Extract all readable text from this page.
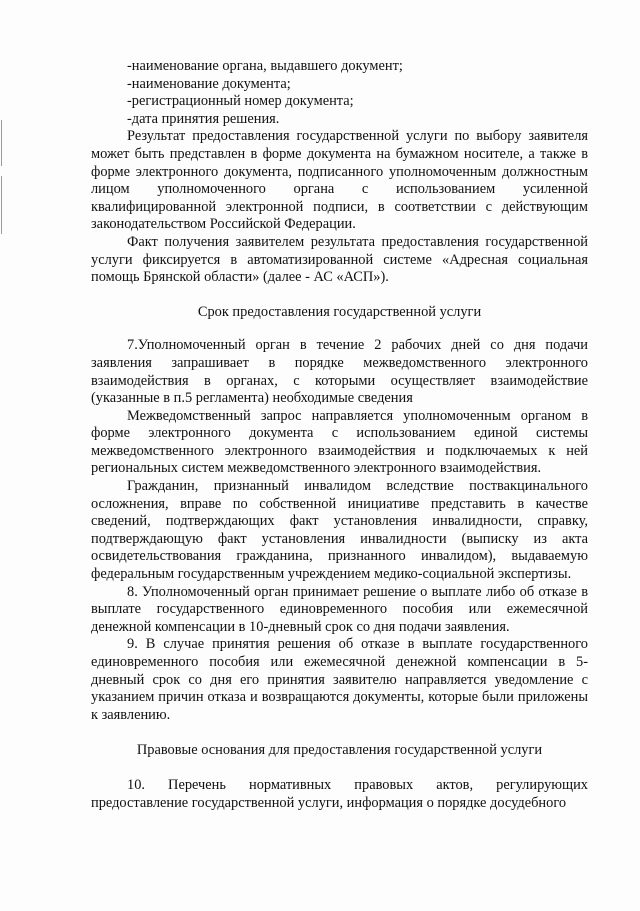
-наименование органа, выдавшего документ;
-наименование документа;
-регистрационный номер документа;
-дата принятия решения.

Результат предоставления государственной услуги по выбору заявителя может быть представлен в форме документа на бумажном носителе, а также в форме электронного документа, подписанного уполномоченным должностным лицом уполномоченного органа с использованием усиленной квалифицированной электронной подписи, в соответствии с действующим законодательством Российской Федерации.

Факт получения заявителем результата предоставления государственной услуги фиксируется в автоматизированной системе «Адресная социальная помощь Брянской области» (далее - АС «АСП»).

Срок предоставления государственной услуги

7.Уполномоченный орган в течение 2 рабочих дней со дня подачи заявления запрашивает в порядке межведомственного электронного взаимодействия в органах, с которыми осуществляет взаимодействие (указанные в п.5 регламента) необходимые сведения

Межведомственный запрос направляется уполномоченным органом в форме электронного документа с использованием единой системы межведомственного электронного взаимодействия и подключаемых к ней региональных систем межведомственного электронного взаимодействия.

Гражданин, признанный инвалидом вследствие поствакцинального осложнения, вправе по собственной инициативе представить в качестве сведений, подтверждающих факт установления инвалидности, справку, подтверждающую факт установления инвалидности (выписку из акта освидетельствования гражданина, признанного инвалидом), выдаваемую федеральным государственным учреждением медико-социальной экспертизы.

8. Уполномоченный орган принимает решение о выплате либо об отказе в выплате государственного единовременного пособия или ежемесячной денежной компенсации в 10-дневный срок со дня подачи заявления.

9. В случае принятия решения об отказе в выплате государственного единовременного пособия или ежемесячной денежной компенсации в 5-дневный срок со дня его принятия заявителю направляется уведомление с указанием причин отказа и возвращаются документы, которые были приложены к заявлению.

Правовые основания для предоставления государственной услуги

10. Перечень нормативных правовых актов, регулирующих предоставление государственной услуги, информация о порядке досудебного
